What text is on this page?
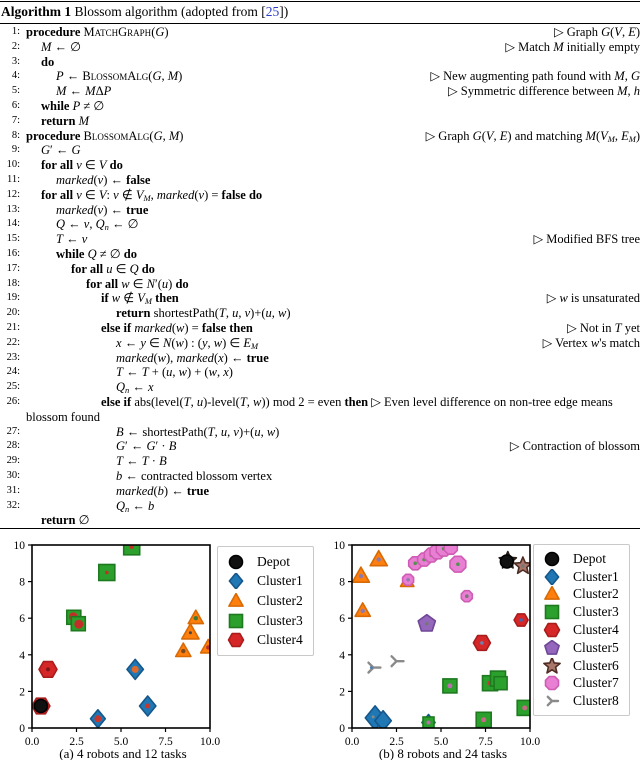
Algorithm 1 Blossom algorithm (adopted from [25])
1: procedure MatchGraph(G)	▷ Graph G(V, E)
2:	M ← ∅	▷ Match M initially empty
3:	do
4:	P ← BlossomAlg(G, M)	▷ New augmenting path found with M, G
5:	M ← MΔP	▷ Symmetric difference between M, h
6:	while P ≠ ∅
7:	return M
8: procedure BlossomAlg(G, M)	▷ Graph G(V, E) and matching $M(V_M$, $E_M$)
9:	G′ ← G
10:	for all v ∈ V do
11:	marked(v) ← false
12:	for all v ∈ V: v ∉ $V_M$, marked(v) = false do
13:	marked(v) ← true
14:	Q ← v, $Q_n$ ← ∅
15:	T ← v	▷ Modified BFS tree
16:	while Q ≠ ∅ do
17:	for all u ∈ Q do
18:	for all w ∈ N′(u) do
19:	if w ∉ $V_M$ then	▷ w is unsaturated
20:	return shortestPath(T, u, v)+(u, w)
21:	else if marked(w) = false then	▷ Not in T yet
22:	x ← y ∈ N(w) : (y, w) ∈ $E_M$	▷ Vertex w's match
23:	marked(w), marked(x) ← true
24:	T ← T + (u, w) + (w, x)
25:	$Q_n$ ← x
26:	else if abs(level(T, u)-level(T, w)) mod 2 = even then ▷ Even level difference on non-tree edge means blossom found
27:	B ← shortestPath(T, u, v)+(u, w)
28:	G′ ← G′ · B	▷ Contraction of blossom
29:	T ← T · B
30:	b ← contracted blossom vertex
31:	marked(b) ← true
32:	$Q_n$ ← b
return ∅
0.0	2.5	5.0	7.5 10.0
0
2
4
6
8
10
Depot
Cluster1
Cluster2
Cluster3
Cluster4
(a) 4 robots and 12 tasks
0.0	2.5	5.0	7.5 10.0
0
2
4
6
8
10
Depot
Cluster1
Cluster2
Cluster3
Cluster4
Cluster5
Cluster6
Cluster7
Cluster8
(b) 8 robots and 24 tasks
